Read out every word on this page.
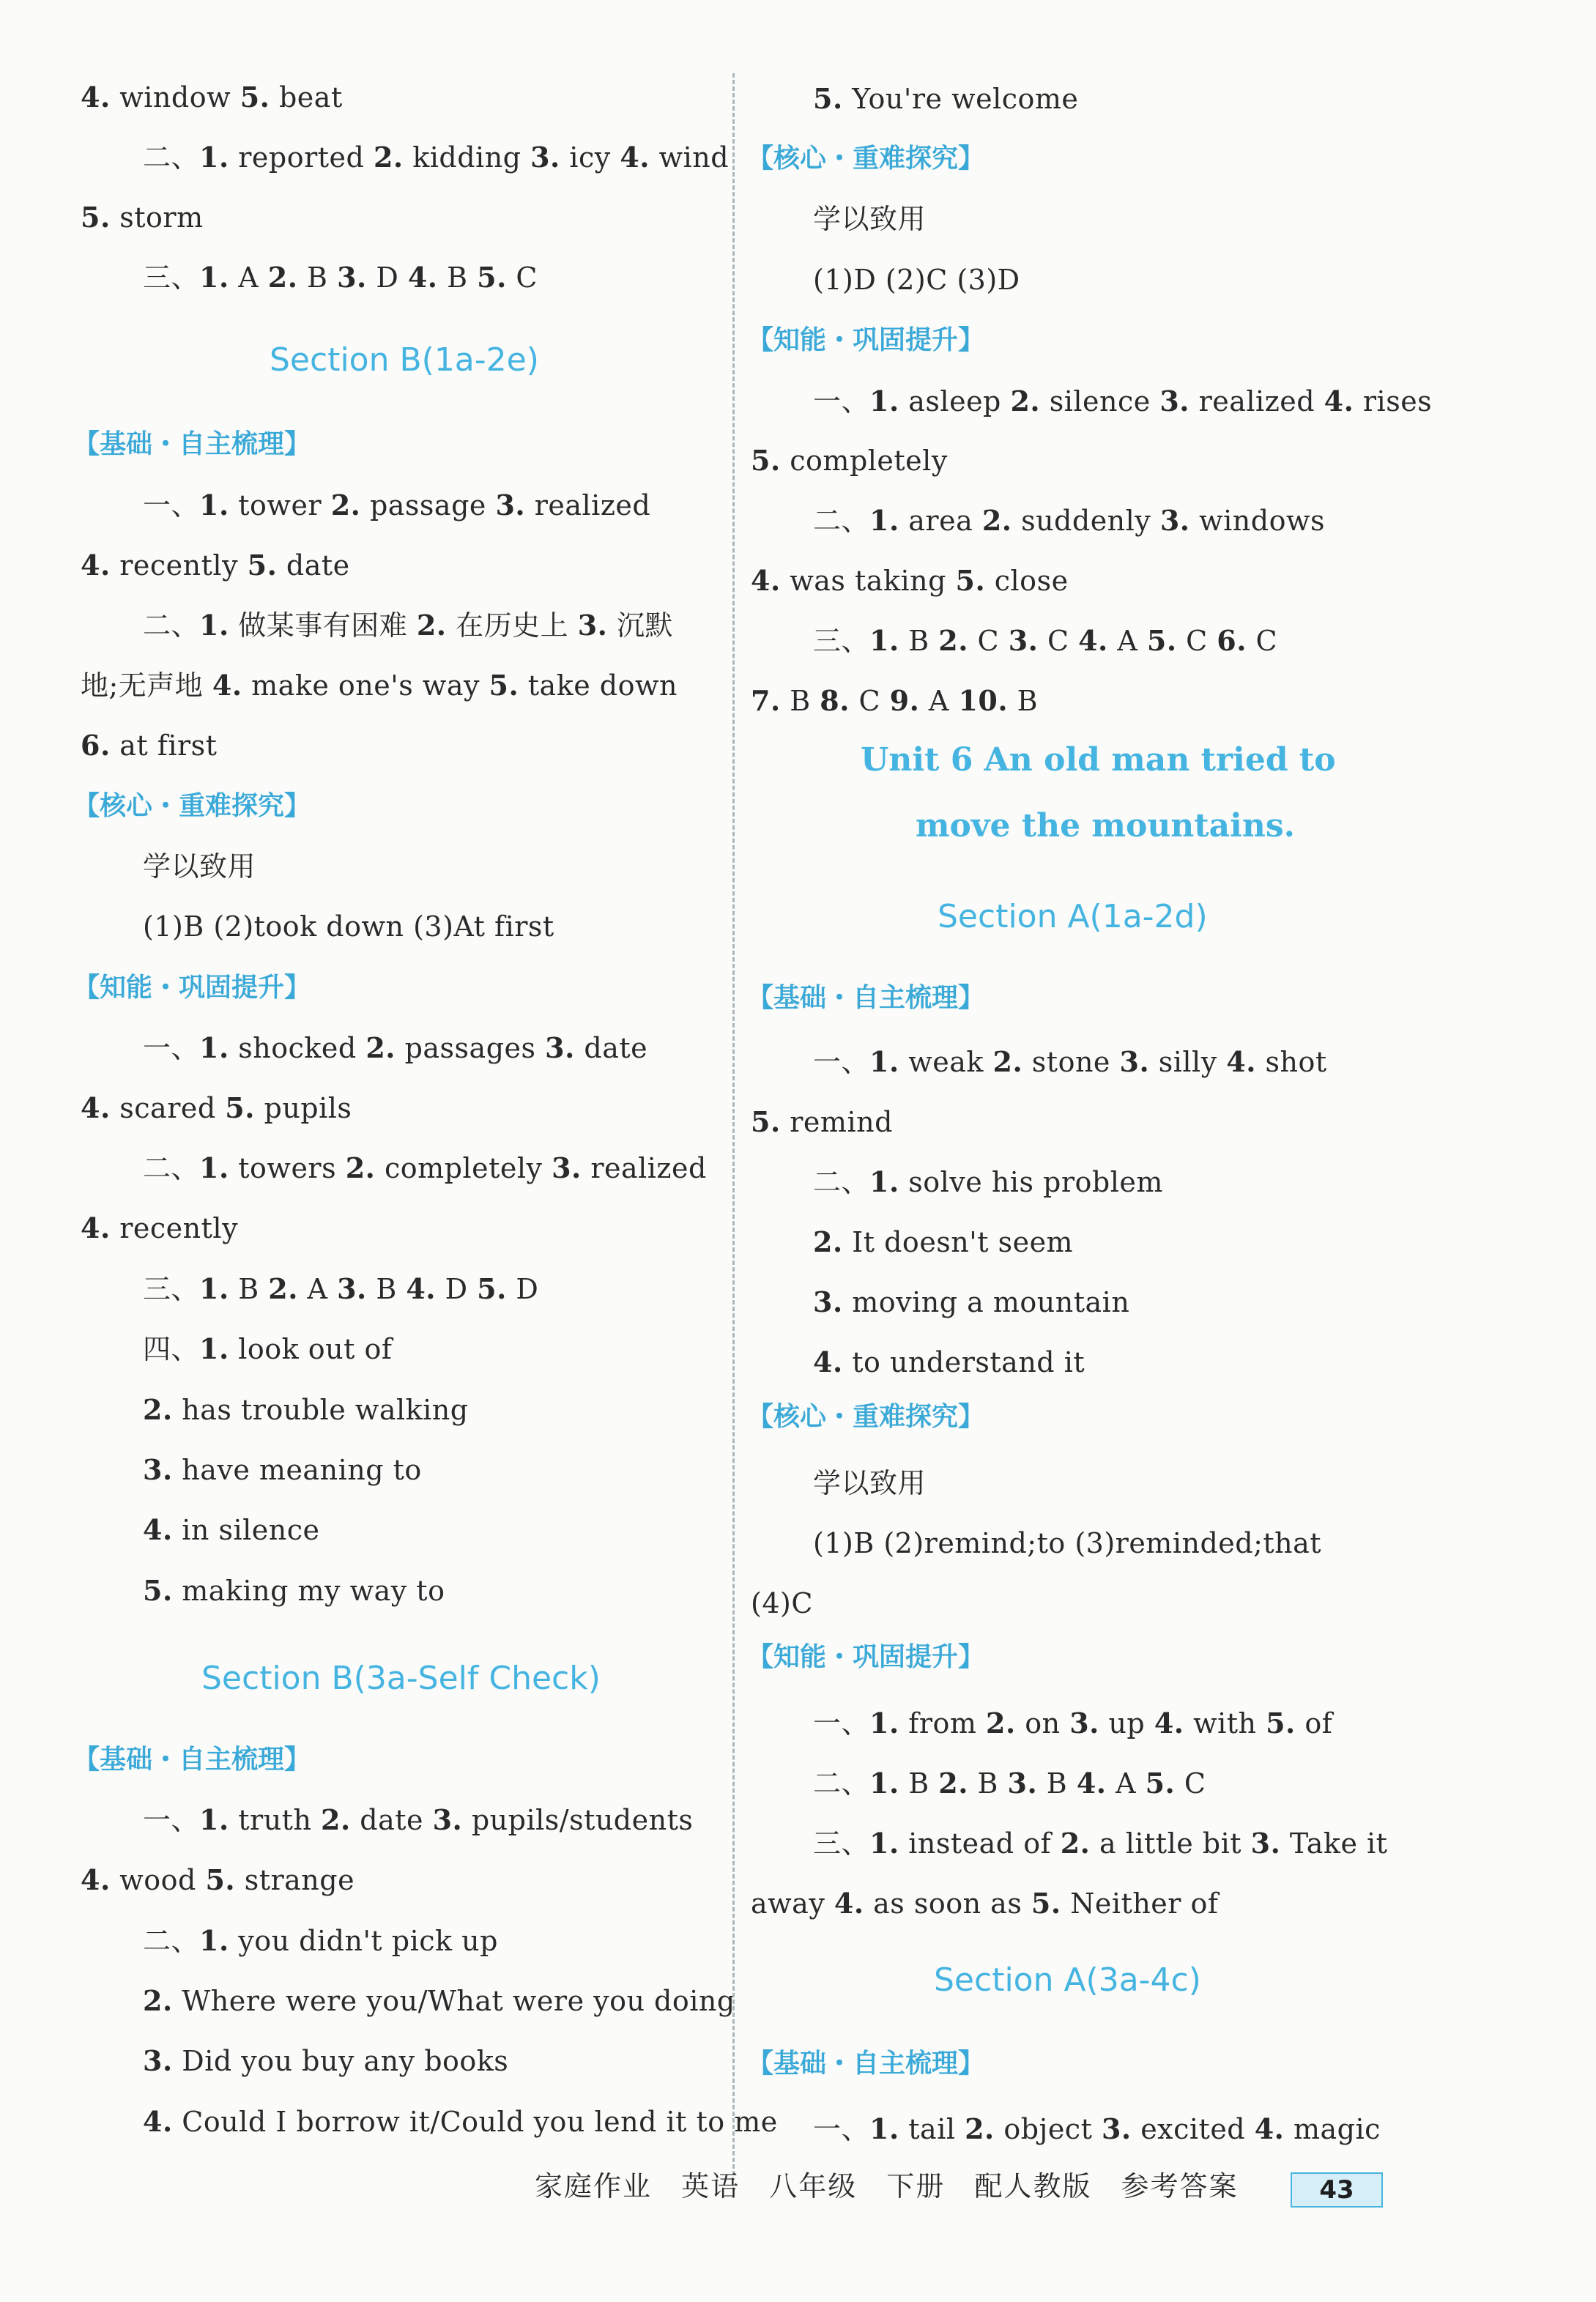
4. window 5. beat
二、1. reported 2. kidding 3. icy 4. wind
5. storm
三、1. A 2. B 3. D 4. B 5. C
一、1. tower 2. passage 3. realized
4. recently 5. date
二、1. 做某事有困难 2. 在历史上 3. 沉默
地;无声地 4. make one's way 5. take down
6. at first
学以致用
(1)B (2)took down (3)At first
一、1. shocked 2. passages 3. date
4. scared 5. pupils
二、1. towers 2. completely 3. realized
4. recently
三、1. B 2. A 3. B 4. D 5. D
四、1. look out of
2. has trouble walking
3. have meaning to
4. in silence
5. making my way to
一、1. truth 2. date 3. pupils/students
4. wood 5. strange
二、1. you didn't pick up
2. Where were you/What were you doing
3. Did you buy any books
4. Could I borrow it/Could you lend it to me
Section B(1a-2e)
【基础・自主梳理】
【核心・重难探究】
【知能・巩固提升】
Section B(3a-Self Check)
【基础・自主梳理】
5. You're welcome
学以致用
(1)D (2)C (3)D
一、1. asleep 2. silence 3. realized 4. rises
5. completely
二、1. area 2. suddenly 3. windows
4. was taking 5. close
三、1. B 2. C 3. C 4. A 5. C 6. C
7. B 8. C 9. A 10. B
一、1. weak 2. stone 3. silly 4. shot
5. remind
二、1. solve his problem
2. It doesn't seem
3. moving a mountain
4. to understand it
学以致用
(1)B (2)remind;to (3)reminded;that
(4)C
一、1. from 2. on 3. up 4. with 5. of
二、1. B 2. B 3. B 4. A 5. C
三、1. instead of 2. a little bit 3. Take it
away 4. as soon as 5. Neither of
一、1. tail 2. object 3. excited 4. magic
【核心・重难探究】
【知能・巩固提升】
Unit 6 An old man tried to
move the mountains.
Section A(1a-2d)
【基础・自主梳理】
【核心・重难探究】
【知能・巩固提升】
Section A(3a-4c)
【基础・自主梳理】
家庭作业 英语 八年级 下册 配人教版 参考答案	43
